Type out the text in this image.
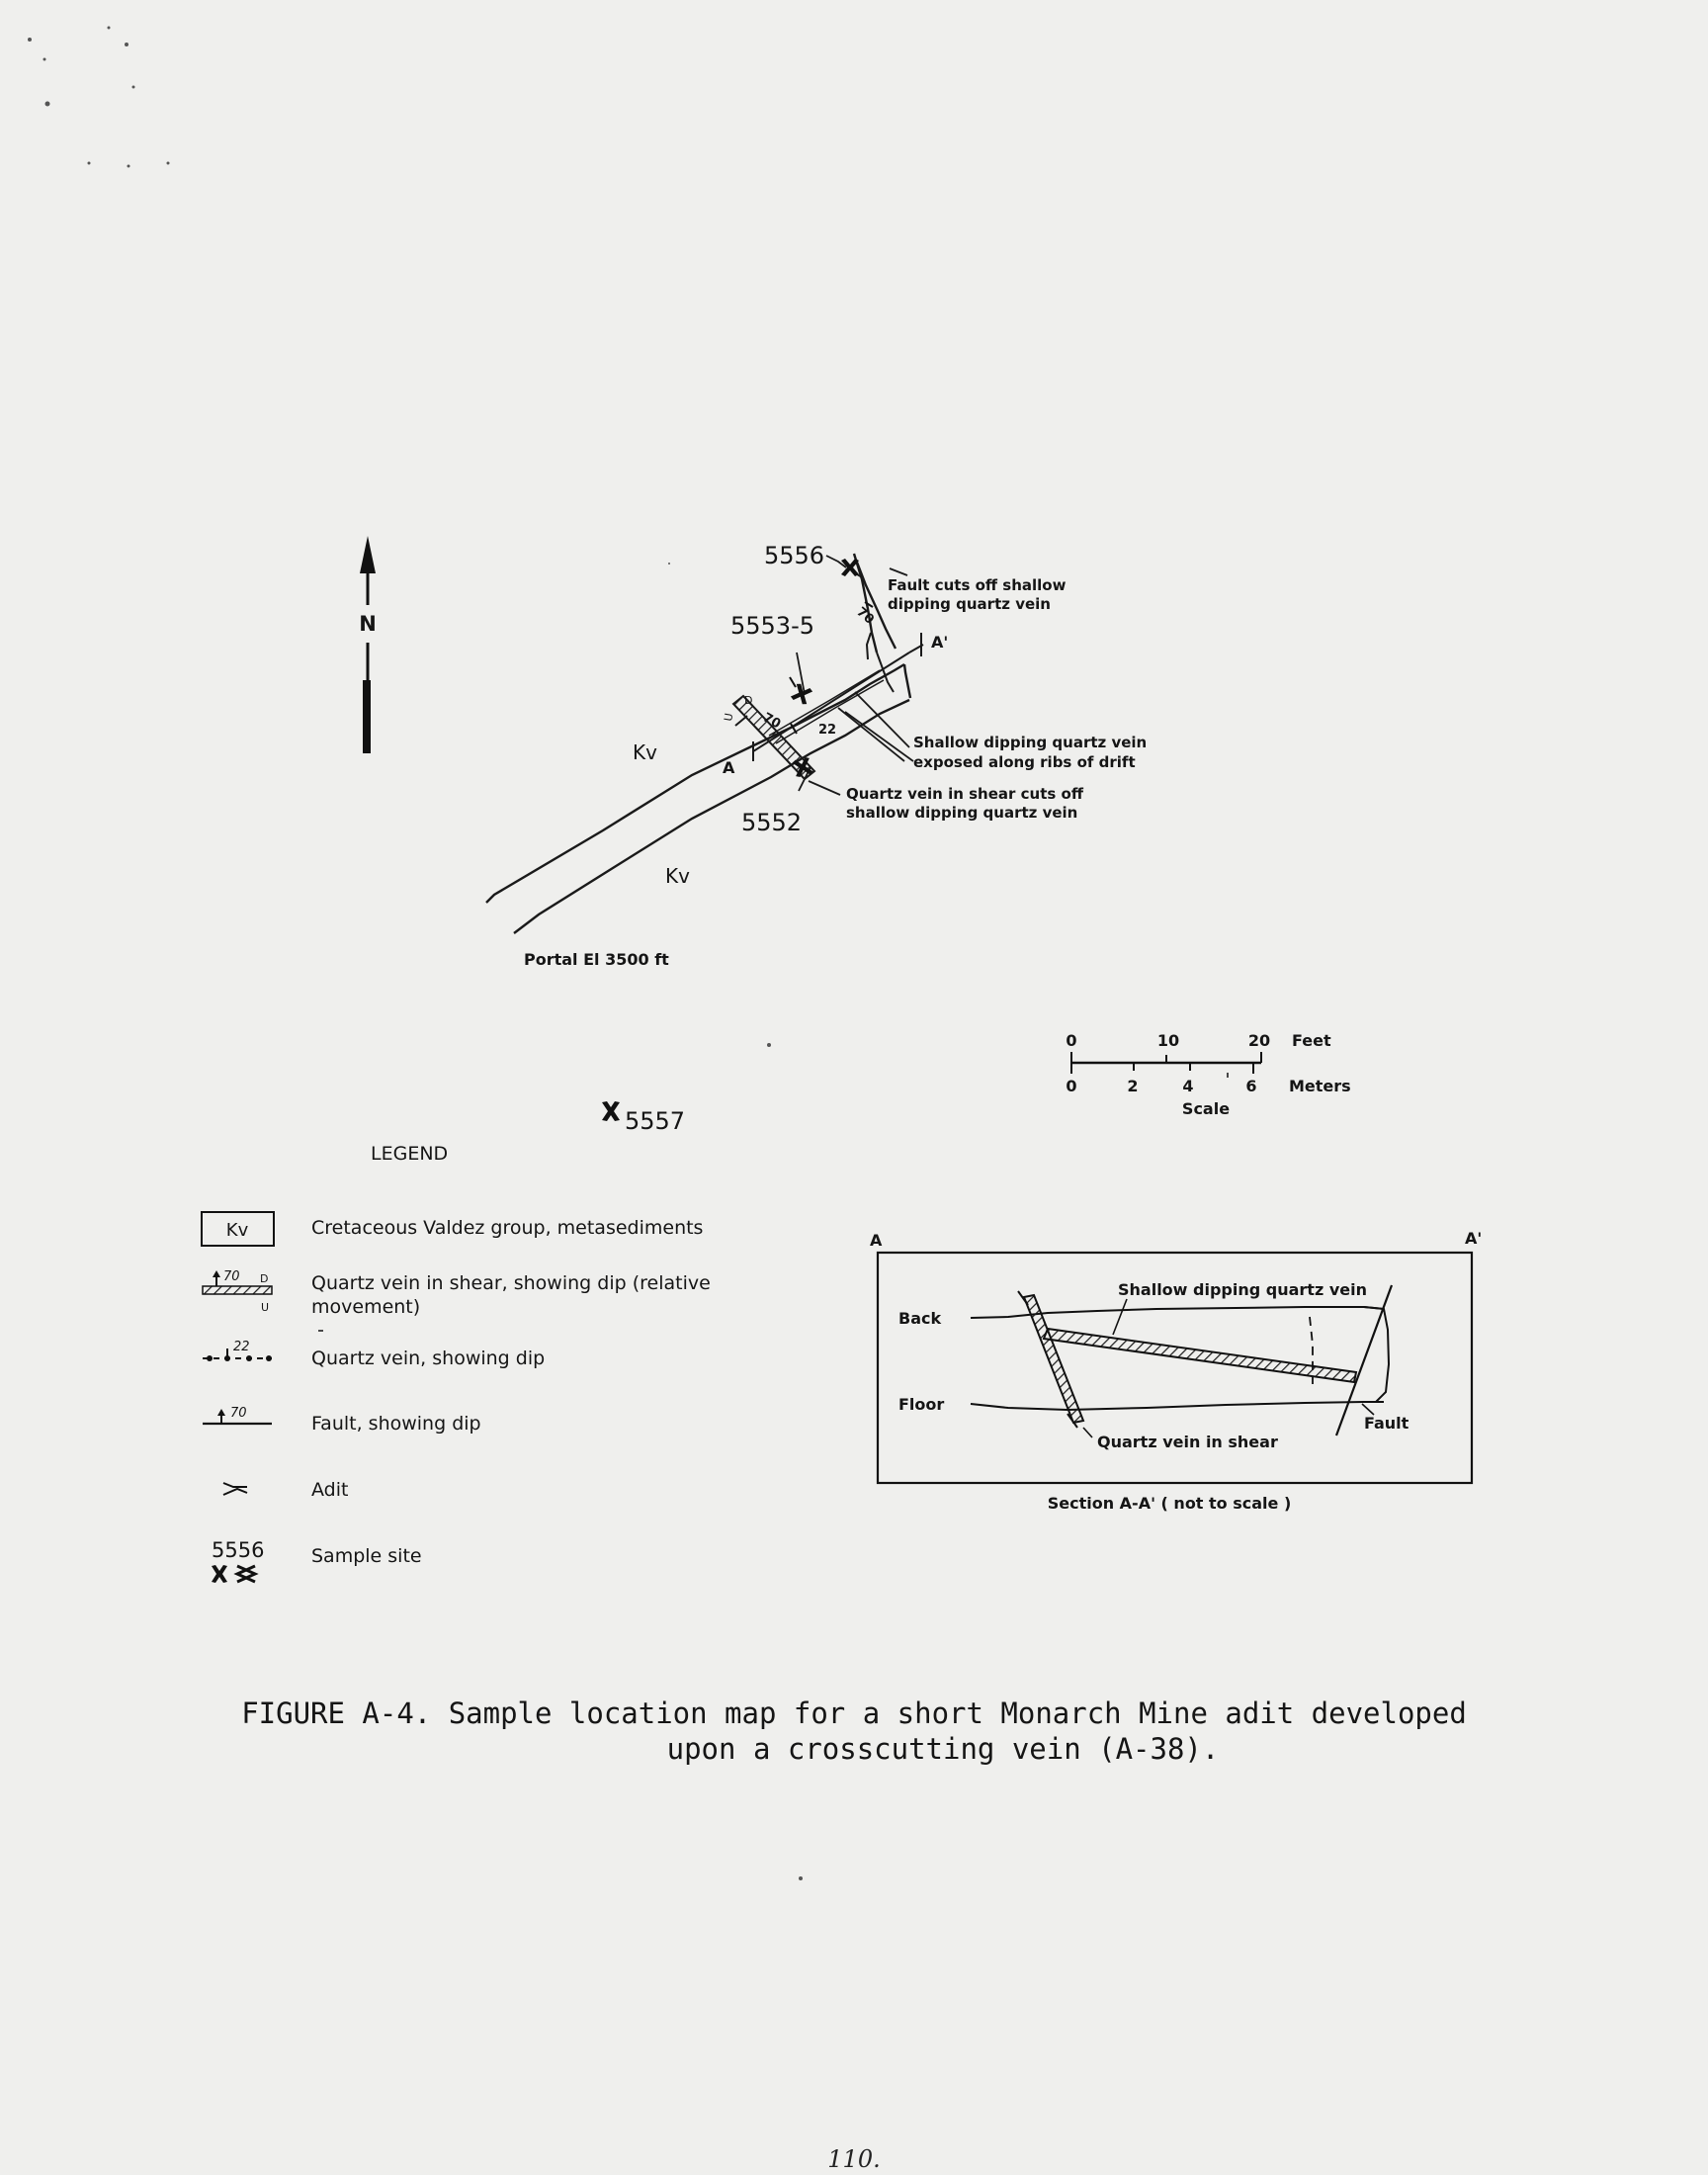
N
5556
5553-5
5552
5557
Kv
Kv
A
A'
Portal El 3500 ft
70	22
70
U
D
Fault cuts off shallow
dipping quartz vein
Shallow dipping quartz vein
exposed along ribs of drift
Quartz vein in shear cuts off
shallow dipping quartz vein
0	10	20 Feet
0	2	4	6 Meters
Scale
LEGEND
Kv	Cretaceous Valdez group, metasediments
70 D
U
Quartz vein in shear, showing dip (relative
movement)
22
Quartz vein, showing dip
70	Fault, showing dip
Adit
5556	Sample site
A	A'
Back
Floor
Shallow dipping quartz vein
Quartz vein in shear
Fault
Section A-A' ( not to scale )
FIGURE A-4. Sample location map for a short Monarch Mine adit developed
upon a crosscutting vein (A-38).
110.
